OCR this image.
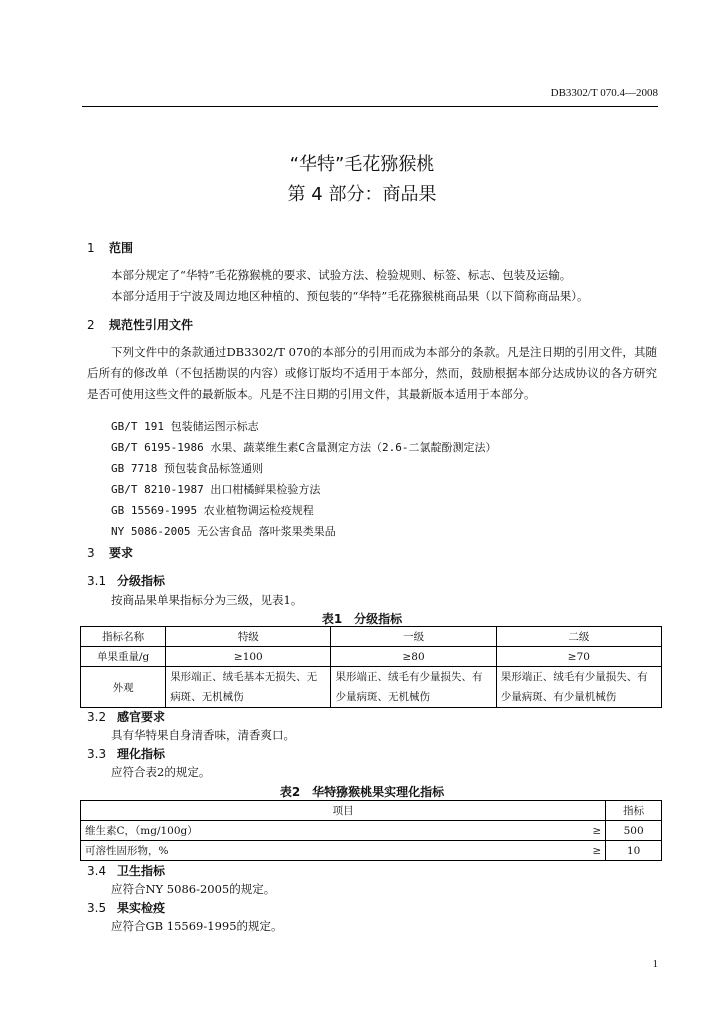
DB3302/T 070.4—2008
“华特”毛花猕猴桃
第 4 部分：商品果
1 范围
本部分规定了“华特”毛花猕猴桃的要求、试验方法、检验规则、标签、标志、包装及运输。
本部分适用于宁波及周边地区种植的、预包装的“华特”毛花猕猴桃商品果（以下简称商品果）。
2 规范性引用文件
下列文件中的条款通过DB3302/T 070的本部分的引用而成为本部分的条款。凡是注日期的引用文件，其随后所有的修改单（不包括勘误的内容）或修订版均不适用于本部分，然而，鼓励根据本部分达成协议的各方研究是否可使用这些文件的最新版本。凡是不注日期的引用文件，其最新版本适用于本部分。
GB/T 191 包装储运图示标志
GB/T 6195-1986 水果、蔬菜维生素C含量测定方法（2.6-二氯靛酚测定法）
GB 7718 预包装食品标签通则
GB/T 8210-1987 出口柑橘鲜果检验方法
GB 15569-1995 农业植物调运检疫规程
NY 5086-2005 无公害食品 落叶浆果类果品
3 要求
3.1 分级指标
按商品果单果指标分为三级，见表1。
表1　分级指标
指标名称	特级	一级	二级
单果重量/g	≥100	≥80	≥70
外观	果形端正、绒毛基本无损失、无病斑、无机械伤	果形端正、绒毛有少量损失、有少量病斑、无机械伤	果形端正、绒毛有少量损失、有少量病斑、有少量机械伤
3.2 感官要求
具有华特果自身清香味，清香爽口。
3.3 理化指标
应符合表2的规定。
表2　华特猕猴桃果实理化指标
项目		指标
维生素C，（mg/100g）	≥	500
可溶性固形物，%	≥	10
3.4 卫生指标
应符合NY 5086-2005的规定。
3.5 果实检疫
应符合GB 15569-1995的规定。
1
